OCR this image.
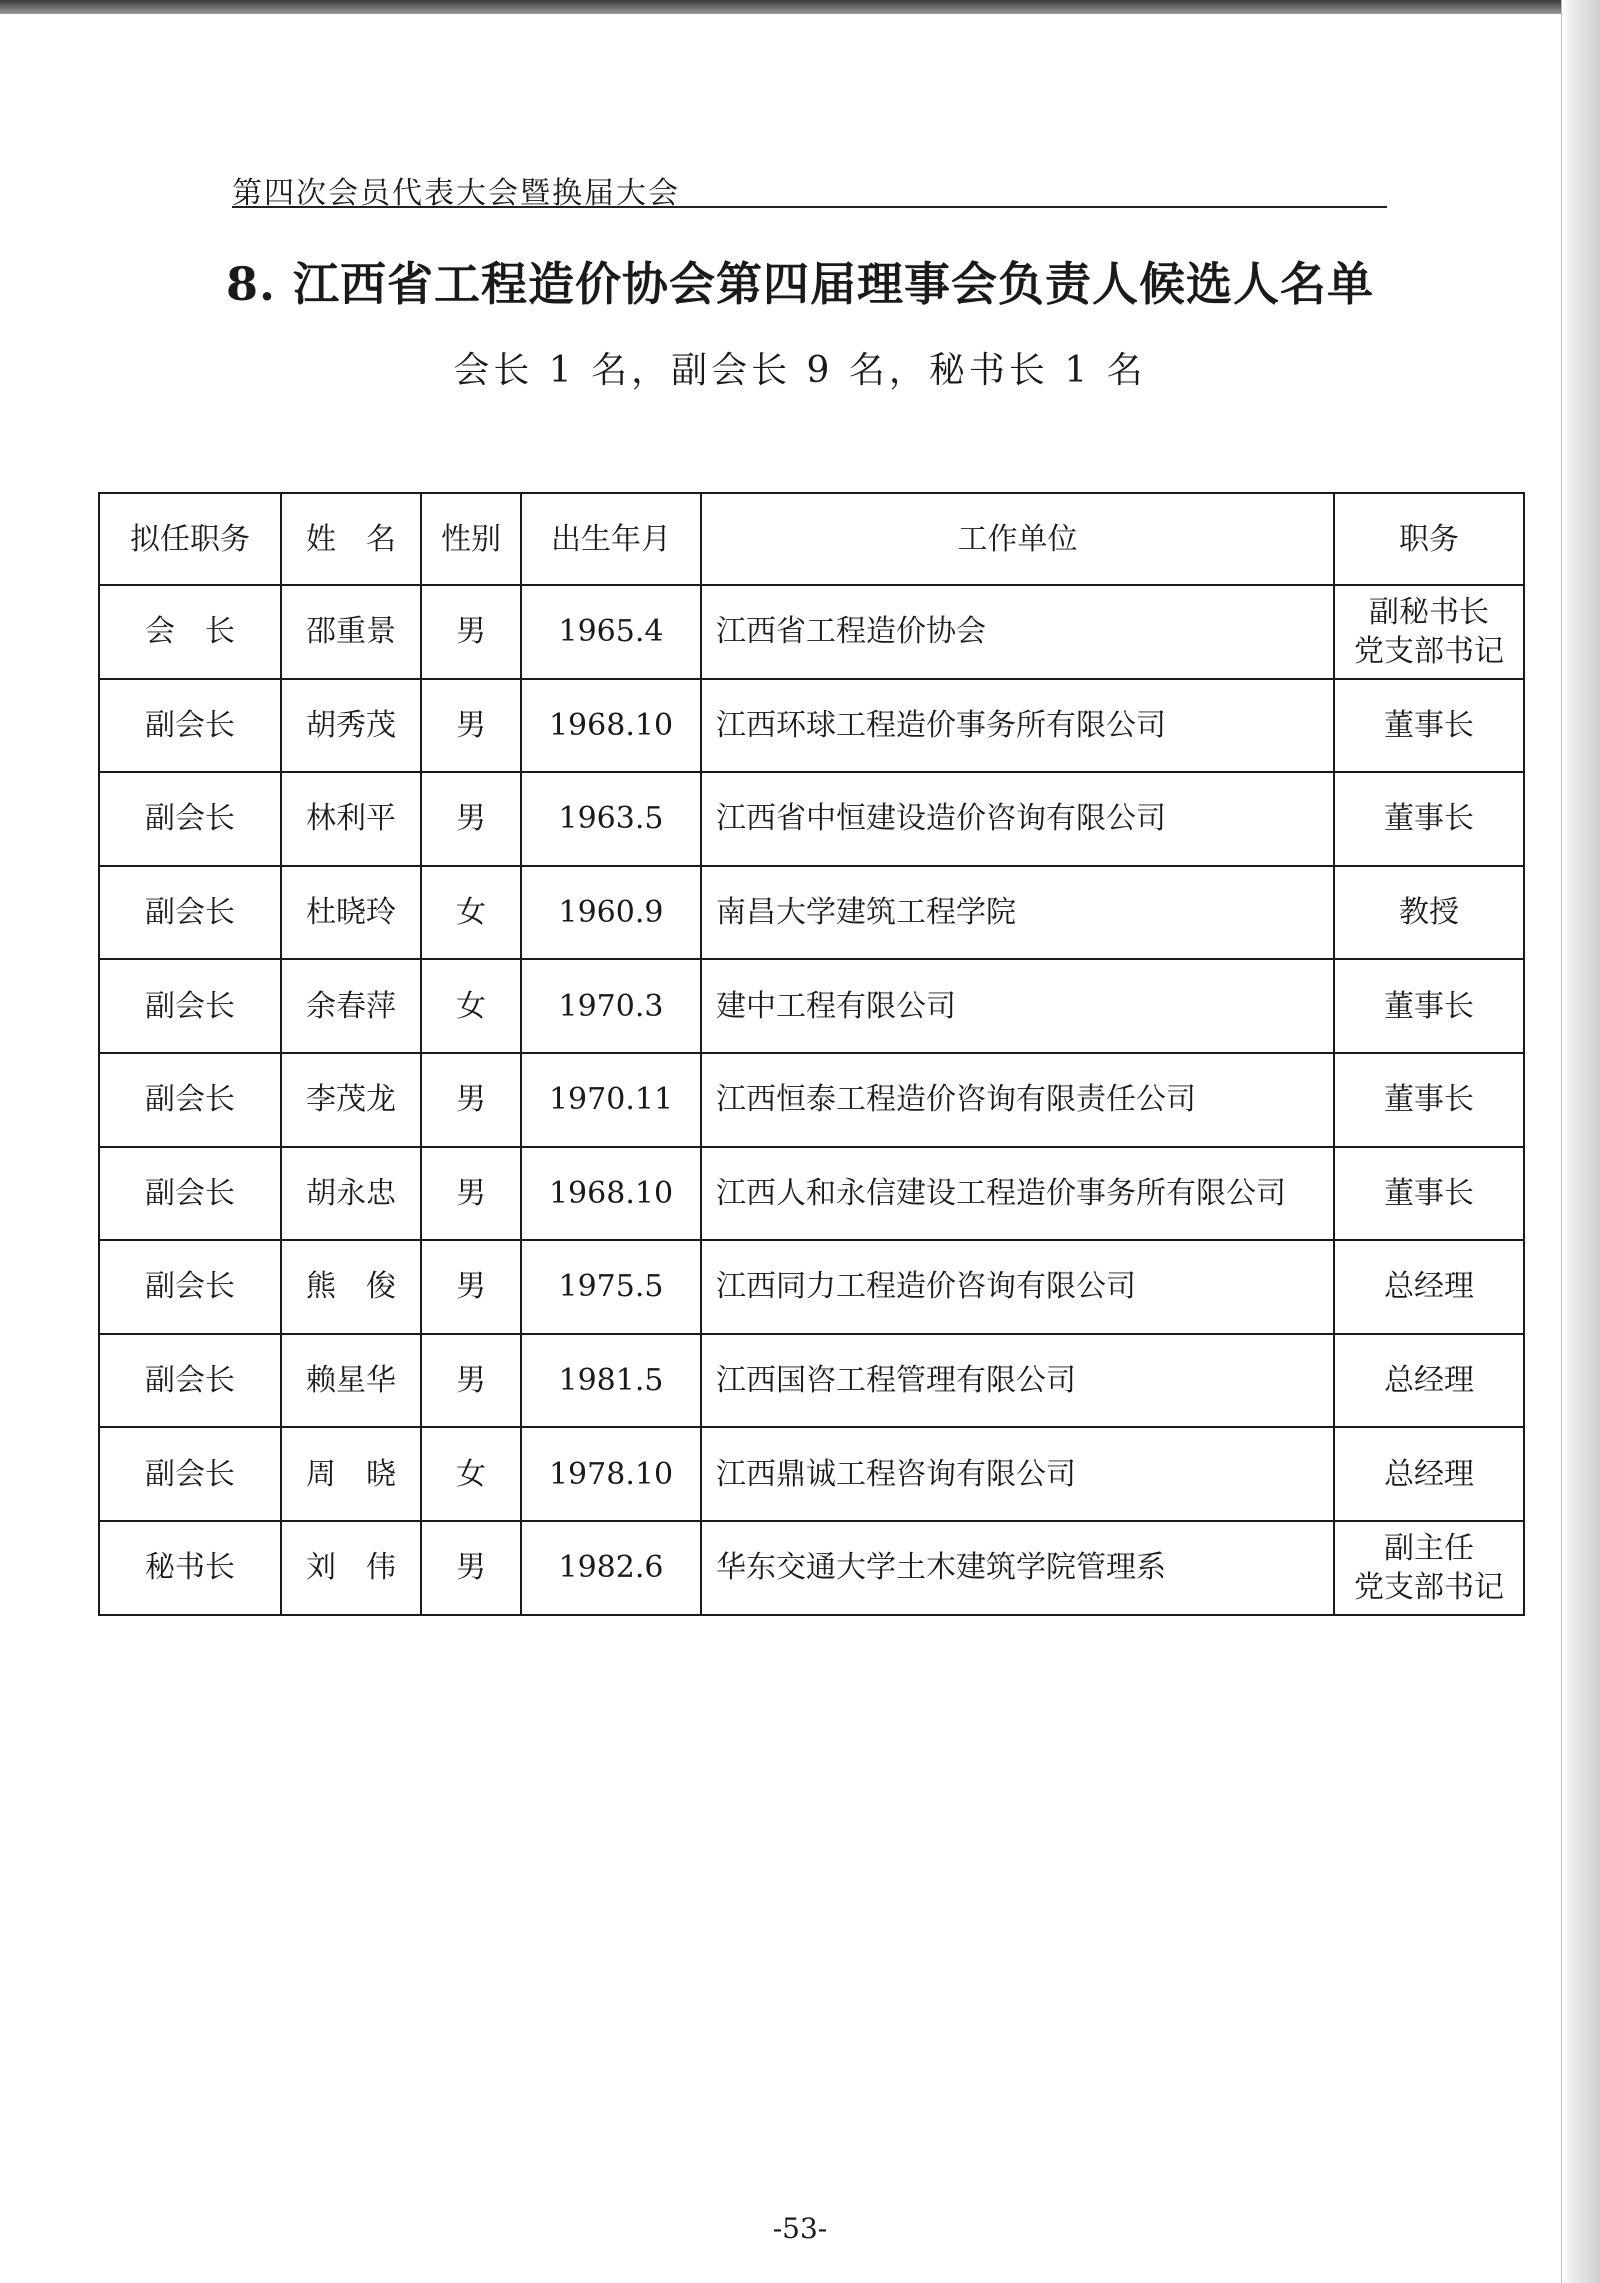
第四次会员代表大会暨换届大会
8. 江西省工程造价协会第四届理事会负责人候选人名单
会长 1 名，副会长 9 名，秘书长 1 名
拟任职务	姓　名	性别	出生年月	工作单位	职务
会　长	邵重景	男	1965.4	江西省工程造价协会	副秘书长
党支部书记
副会长	胡秀茂	男	1968.10	江西环球工程造价事务所有限公司	董事长
副会长	林利平	男	1963.5	江西省中恒建设造价咨询有限公司	董事长
副会长	杜晓玲	女	1960.9	南昌大学建筑工程学院	教授
副会长	余春萍	女	1970.3	建中工程有限公司	董事长
副会长	李茂龙	男	1970.11	江西恒泰工程造价咨询有限责任公司	董事长
副会长	胡永忠	男	1968.10	江西人和永信建设工程造价事务所有限公司	董事长
副会长	熊　俊	男	1975.5	江西同力工程造价咨询有限公司	总经理
副会长	赖星华	男	1981.5	江西国咨工程管理有限公司	总经理
副会长	周　晓	女	1978.10	江西鼎诚工程咨询有限公司	总经理
秘书长	刘　伟	男	1982.6	华东交通大学土木建筑学院管理系	副主任
党支部书记
-53-
